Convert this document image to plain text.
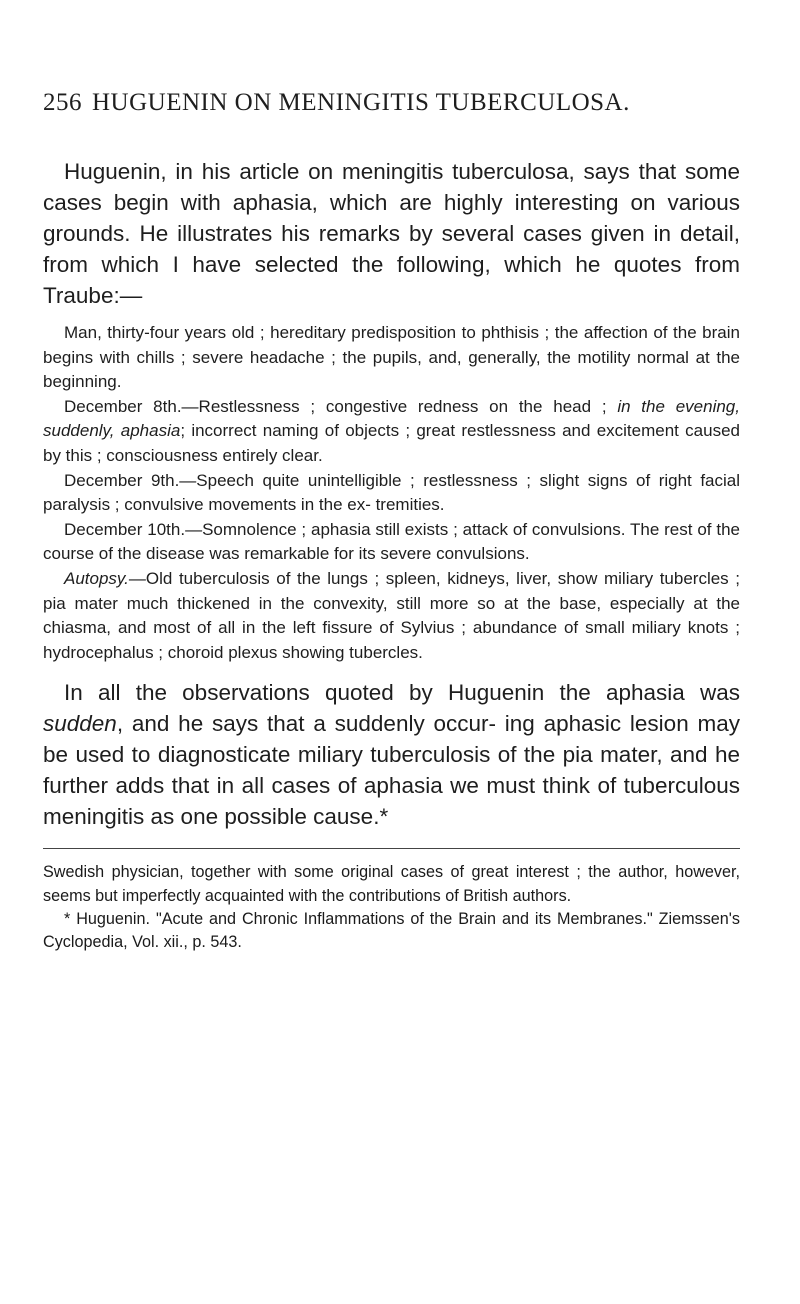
256 HUGUENIN ON MENINGITIS TUBERCULOSA.

Huguenin, in his article on meningitis tuberculosa, says that some cases begin with aphasia, which are highly interesting on various grounds. He illustrates his remarks by several cases given in detail, from which I have selected the following, which he quotes from Traube:—

Man, thirty-four years old ; hereditary predisposition to phthisis ; the affection of the brain begins with chills ; severe headache ; the pupils, and, generally, the motility normal at the beginning.

December 8th.—Restlessness ; congestive redness on the head ; in the evening, suddenly, aphasia; incorrect naming of objects ; great restlessness and excitement caused by this ; consciousness entirely clear.

December 9th.—Speech quite unintelligible ; restlessness ; slight signs of right facial paralysis ; convulsive movements in the ex- tremities.

December 10th.—Somnolence ; aphasia still exists ; attack of convulsions. The rest of the course of the disease was remarkable for its severe convulsions.

Autopsy.—Old tuberculosis of the lungs ; spleen, kidneys, liver, show miliary tubercles ; pia mater much thickened in the convexity, still more so at the base, especially at the chiasma, and most of all in the left fissure of Sylvius ; abundance of small miliary knots ; hydrocephalus ; choroid plexus showing tubercles.

In all the observations quoted by Huguenin the aphasia was sudden, and he says that a suddenly occur- ing aphasic lesion may be used to diagnosticate miliary tuberculosis of the pia mater, and he further adds that in all cases of aphasia we must think of tuberculous meningitis as one possible cause.*

Swedish physician, together with some original cases of great interest ; the author, however, seems but imperfectly acquainted with the contributions of British authors.

* Huguenin. "Acute and Chronic Inflammations of the Brain and its Membranes." Ziemssen's Cyclopedia, Vol. xii., p. 543.
